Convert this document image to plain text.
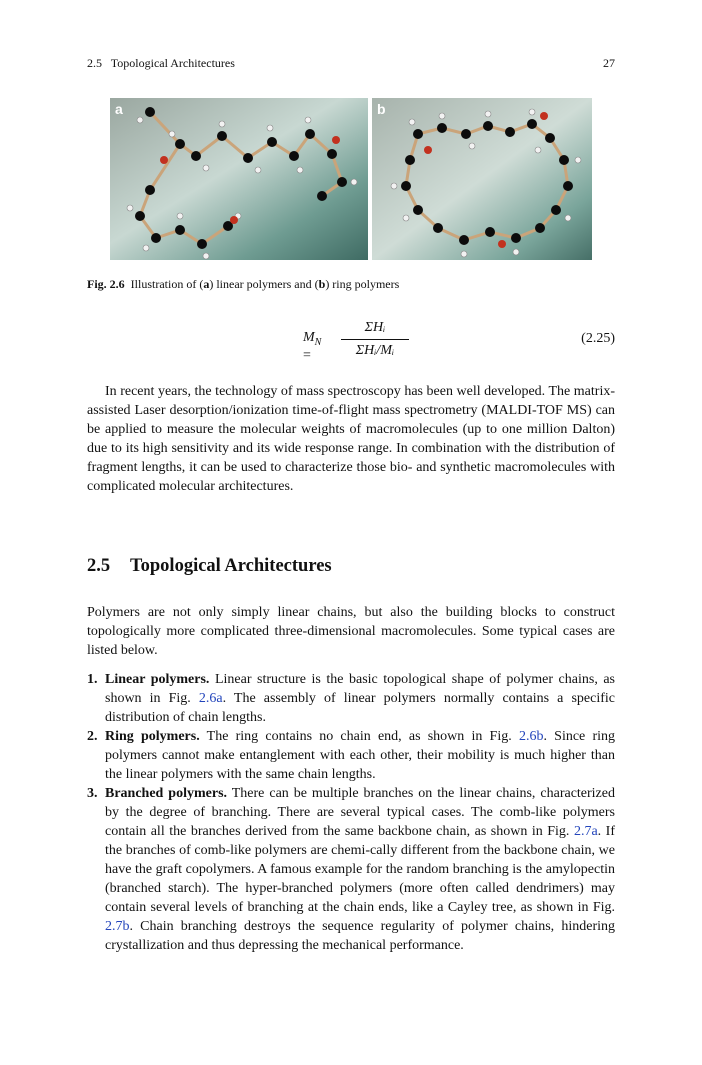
2.5   Topological Architectures	27
a	b
Fig. 2.6 Illustration of (a) linear polymers and (b) ring polymers
$M_N$ =
ΣHᵢ
ΣHᵢ/Mᵢ
(2.25)

In recent years, the technology of mass spectroscopy has been well developed. The matrix-assisted Laser desorption/ionization time-of-flight mass spectrometry (MALDI-TOF MS) can be applied to measure the molecular weights of macromolecules (up to one million Dalton) due to its high sensitivity and its wide response range. In combination with the distribution of fragment lengths, it can be used to characterize those bio- and synthetic macromolecules with complicated molecular architectures.

2.5 Topological Architectures

Polymers are not only simply linear chains, but also the building blocks to construct topologically more complicated three-dimensional macromolecules. Some typical cases are listed below.

1. Linear polymers. Linear structure is the basic topological shape of polymer chains, as shown in Fig. 2.6a. The assembly of linear polymers normally contains a specific distribution of chain lengths.
2. Ring polymers. The ring contains no chain end, as shown in Fig. 2.6b. Since ring polymers cannot make entanglement with each other, their mobility is much higher than the linear polymers with the same chain lengths.
3. Branched polymers. There can be multiple branches on the linear chains, characterized by the degree of branching. There are several typical cases. The comb-like polymers contain all the branches derived from the same backbone chain, as shown in Fig. 2.7a. If the branches of comb-like polymers are chemi-cally different from the backbone chain, we have the graft copolymers. A famous example for the random branching is the amylopectin (branched starch). The hyper-branched polymers (more often called dendrimers) may contain several levels of branching at the chain ends, like a Cayley tree, as shown in Fig. 2.7b. Chain branching destroys the sequence regularity of polymer chains, hindering crystallization and thus depressing the mechanical performance.
